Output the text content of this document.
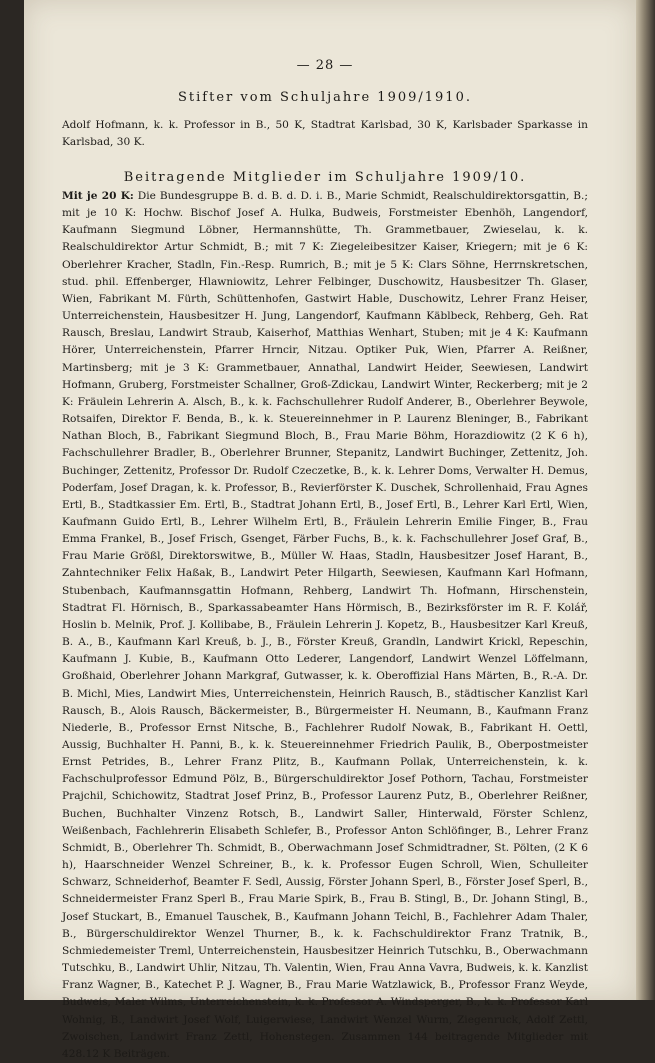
— 28 —
Stifter vom Schuljahre 1909/1910.

Adolf Hofmann, k. k. Professor in B., 50 K, Stadtrat Karlsbad, 30 K, Karlsbader Sparkasse in Karlsbad, 30 K.

Beitragende Mitglieder im Schuljahre 1909/10.

Mit je 20 K: Die Bundesgruppe B. d. B. d. D. i. B., Marie Schmidt, Realschuldirektorsgattin, B.; mit je 10 K: Hochw. Bischof Josef A. Hulka, Budweis, Forstmeister Ebenhöh, Langendorf, Kaufmann Siegmund Löbner, Hermannshütte, Th. Grammetbauer, Zwieselau, k. k. Realschuldirektor Artur Schmidt, B.; mit 7 K: Ziegeleibesitzer Kaiser, Kriegern; mit je 6 K: Oberlehrer Kracher, Stadln, Fin.-Resp. Rumrich, B.; mit je 5 K: Clars Söhne, Herrnskretschen, stud. phil. Effenberger, Hlawniowitz, Lehrer Felbinger, Duschowitz, Hausbesitzer Th. Glaser, Wien, Fabrikant M. Fürth, Schüttenhofen, Gastwirt Hable, Duschowitz, Lehrer Franz Heiser, Unterreichenstein, Hausbesitzer H. Jung, Langendorf, Kaufmann Käblbeck, Rehberg, Geh. Rat Rausch, Breslau, Landwirt Straub, Kaiserhof, Matthias Wenhart, Stuben; mit je 4 K: Kaufmann Hörer, Unterreichenstein, Pfarrer Hrncir, Nitzau. Optiker Puk, Wien, Pfarrer A. Reißner, Martinsberg; mit je 3 K: Grammetbauer, Annathal, Landwirt Heider, Seewiesen, Landwirt Hofmann, Gruberg, Forstmeister Schallner, Groß-Zdickau, Landwirt Winter, Reckerberg; mit je 2 K: Fräulein Lehrerin A. Alsch, B., k. k. Fachschullehrer Rudolf Anderer, B., Oberlehrer Beywole, Rotsaifen, Direktor F. Benda, B., k. k. Steuereinnehmer in P. Laurenz Bleninger, B., Fabrikant Nathan Bloch, B., Fabrikant Siegmund Bloch, B., Frau Marie Böhm, Horazdiowitz (2 K 6 h), Fachschullehrer Bradler, B., Oberlehrer Brunner, Stepanitz, Landwirt Buchinger, Zettenitz, Joh. Buchinger, Zettenitz, Professor Dr. Rudolf Czeczetke, B., k. k. Lehrer Doms, Verwalter H. Demus, Poderfam, Josef Dragan, k. k. Professor, B., Revierförster K. Duschek, Schrollenhaid, Frau Agnes Ertl, B., Stadtkassier Em. Ertl, B., Stadtrat Johann Ertl, B., Josef Ertl, B., Lehrer Karl Ertl, Wien, Kaufmann Guido Ertl, B., Lehrer Wilhelm Ertl, B., Fräulein Lehrerin Emilie Finger, B., Frau Emma Frankel, B., Josef Frisch, Gsenget, Färber Fuchs, B., k. k. Fachschullehrer Josef Graf, B., Frau Marie Größl, Direktorswitwe, B., Müller W. Haas, Stadln, Hausbesitzer Josef Harant, B., Zahntechniker Felix Haßak, B., Landwirt Peter Hilgarth, Seewiesen, Kaufmann Karl Hofmann, Stubenbach, Kaufmannsgattin Hofmann, Rehberg, Landwirt Th. Hofmann, Hirschenstein, Stadtrat Fl. Hörnisch, B., Sparkassabeamter Hans Hörmisch, B., Bezirksförster im R. F. Kolář, Hoslin b. Melnik, Prof. J. Kollibabe, B., Fräulein Lehrerin J. Kopetz, B., Hausbesitzer Karl Kreuß, B. A., B., Kaufmann Karl Kreuß, b. J., B., Förster Kreuß, Grandln, Landwirt Krickl, Repeschin, Kaufmann J. Kubie, B., Kaufmann Otto Lederer, Langendorf, Landwirt Wenzel Löffelmann, Großhaid, Oberlehrer Johann Markgraf, Gutwasser, k. k. Oberoffizial Hans Märten, B., R.-A. Dr. B. Michl, Mies, Landwirt Mies, Unterreichenstein, Heinrich Rausch, B., städtischer Kanzlist Karl Rausch, B., Alois Rausch, Bäckermeister, B., Bürgermeister H. Neumann, B., Kaufmann Franz Niederle, B., Professor Ernst Nitsche, B., Fachlehrer Rudolf Nowak, B., Fabrikant H. Oettl, Aussig, Buchhalter H. Panni, B., k. k. Steuereinnehmer Friedrich Paulik, B., Oberpostmeister Ernst Petrides, B., Lehrer Franz Plitz, B., Kaufmann Pollak, Unterreichenstein, k. k. Fachschulprofessor Edmund Pölz, B., Bürgerschuldirektor Josef Pothorn, Tachau, Forstmeister Prajchil, Schichowitz, Stadtrat Josef Prinz, B., Professor Laurenz Putz, B., Oberlehrer Reißner, Buchen, Buchhalter Vinzenz Rotsch, B., Landwirt Saller, Hinterwald, Förster Schlenz, Weißenbach, Fachlehrerin Elisabeth Schlefer, B., Professor Anton Schlöfinger, B., Lehrer Franz Schmidt, B., Oberlehrer Th. Schmidt, B., Oberwachmann Josef Schmidtradner, St. Pölten, (2 K 6 h), Haarschneider Wenzel Schreiner, B., k. k. Professor Eugen Schroll, Wien, Schulleiter Schwarz, Schneiderhof, Beamter F. Sedl, Aussig, Förster Johann Sperl, B., Förster Josef Sperl, B., Schneidermeister Franz Sperl B., Frau Marie Spirk, B., Frau B. Stingl, B., Dr. Johann Stingl, B., Josef Stuckart, B., Emanuel Tauschek, B., Kaufmann Johann Teichl, B., Fachlehrer Adam Thaler, B., Bürgerschuldirektor Wenzel Thurner, B., k. k. Fachschuldirektor Franz Tratnik, B., Schmiedemeister Treml, Unterreichenstein, Hausbesitzer Heinrich Tutschku, B., Oberwachmann Tutschku, B., Landwirt Uhlir, Nitzau, Th. Valentin, Wien, Frau Anna Vavra, Budweis, k. k. Kanzlist Franz Wagner, B., Katechet P. J. Wagner, B., Frau Marie Watzlawick, B., Professor Franz Weyde, Budweis, Maler Wilms, Unterreichenstein, k. k. Professor A. Windsperger, B., k. k. Professor Karl Wohnig, B., Landwirt Josef Wolf, Luigerwiese, Landwirt Wenzel Wurm, Ziegenruck, Adolf Zettl, Zwoischen, Landwirt Franz Zettl, Hohenstegen. Zusammen 144 beitragende Mitglieder mit 428.12 K Beiträgen.
